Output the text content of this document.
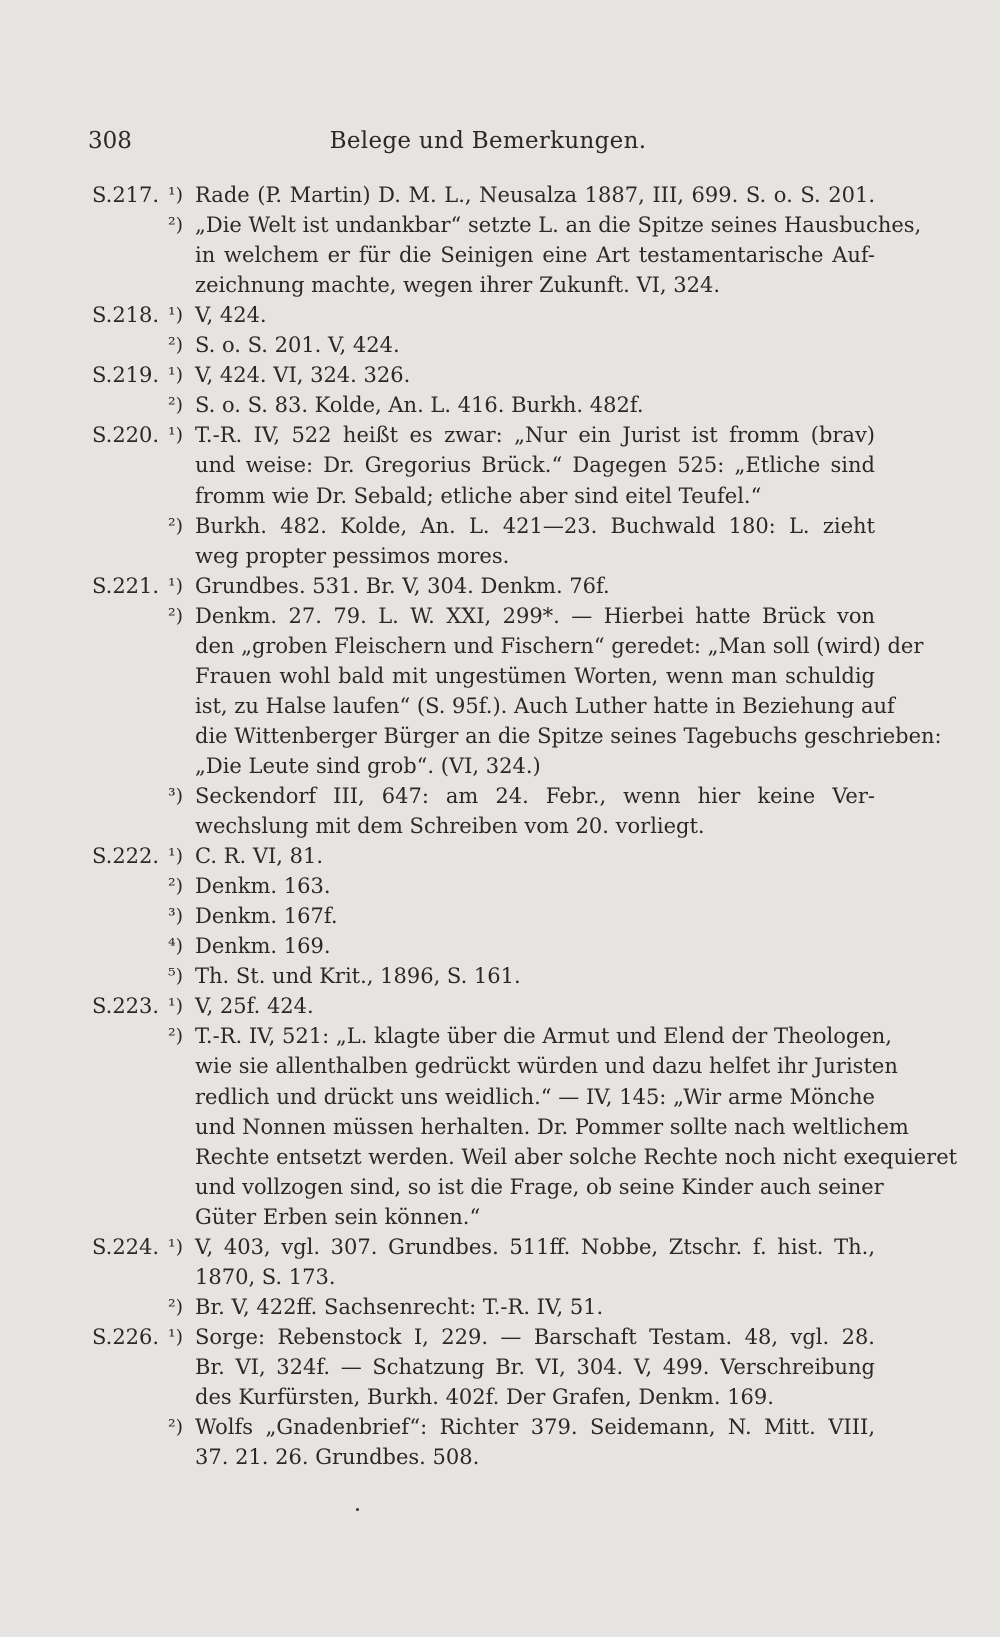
308	Belege und Bemerkungen.
S.217. ¹) Rade (P. Martin) D. M. L., Neusalza 1887, III, 699. S. o. S. 201.
²) „Die Welt ist undankbar“ setzte L. an die Spitze seines Hausbuches,
in welchem er für die Seinigen eine Art testamentarische Auf-
zeichnung machte, wegen ihrer Zukunft. VI, 324.
S.218. ¹) V, 424.
²) S. o. S. 201. V, 424.
S.219. ¹) V, 424. VI, 324. 326.
²) S. o. S. 83. Kolde, An. L. 416. Burkh. 482f.
S.220. ¹) T.-R. IV, 522 heißt es zwar: „Nur ein Jurist ist fromm (brav)
und weise: Dr. Gregorius Brück.“ Dagegen 525: „Etliche sind
fromm wie Dr. Sebald; etliche aber sind eitel Teufel.“
²) Burkh. 482. Kolde, An. L. 421—23. Buchwald 180: L. zieht
weg propter pessimos mores.
S.221. ¹) Grundbes. 531. Br. V, 304. Denkm. 76f.
²) Denkm. 27. 79. L. W. XXI, 299*. — Hierbei hatte Brück von
den „groben Fleischern und Fischern“ geredet: „Man soll (wird) der
Frauen wohl bald mit ungestümen Worten, wenn man schuldig
ist, zu Halse laufen“ (S. 95f.). Auch Luther hatte in Beziehung auf
die Wittenberger Bürger an die Spitze seines Tagebuchs geschrieben:
„Die Leute sind grob“. (VI, 324.)
³) Seckendorf III, 647: am 24. Febr., wenn hier keine Ver-
wechslung mit dem Schreiben vom 20. vorliegt.
S.222. ¹) C. R. VI, 81.
²) Denkm. 163.
³) Denkm. 167f.
⁴) Denkm. 169.
⁵) Th. St. und Krit., 1896, S. 161.
S.223. ¹) V, 25f. 424.
²) T.-R. IV, 521: „L. klagte über die Armut und Elend der Theologen,
wie sie allenthalben gedrückt würden und dazu helfet ihr Juristen
redlich und drückt uns weidlich.“ — IV, 145: „Wir arme Mönche
und Nonnen müssen herhalten. Dr. Pommer sollte nach weltlichem
Rechte entsetzt werden. Weil aber solche Rechte noch nicht exequieret
und vollzogen sind, so ist die Frage, ob seine Kinder auch seiner
Güter Erben sein können.“
S.224. ¹) V, 403, vgl. 307. Grundbes. 511ff. Nobbe, Ztschr. f. hist. Th.,
1870, S. 173.
²) Br. V, 422ff. Sachsenrecht: T.-R. IV, 51.
S.226. ¹) Sorge: Rebenstock I, 229. — Barschaft Testam. 48, vgl. 28.
Br. VI, 324f. — Schatzung Br. VI, 304. V, 499. Verschreibung
des Kurfürsten, Burkh. 402f. Der Grafen, Denkm. 169.
²) Wolfs „Gnadenbrief“: Richter 379. Seidemann, N. Mitt. VIII,
37. 21. 26. Grundbes. 508.
